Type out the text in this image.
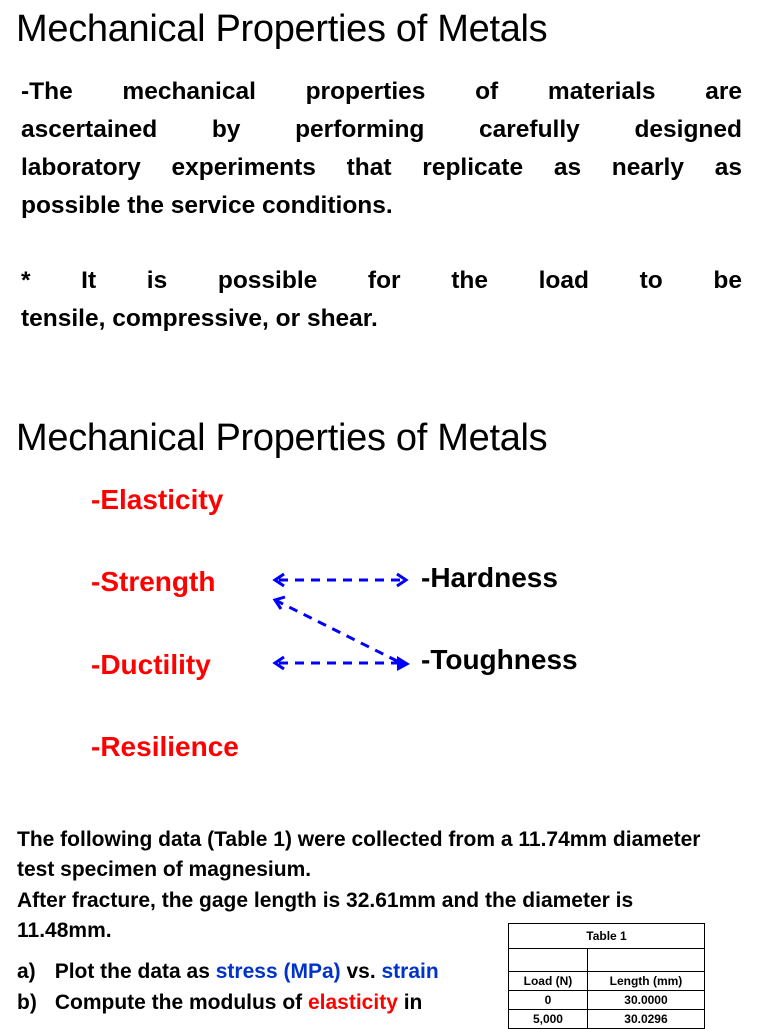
Mechanical Properties of Metals
-The mechanical properties of materials are
ascertained by performing carefully designed
laboratory experiments that replicate as nearly as
possible the service conditions.
* It is possible for the load to be
tensile, compressive, or shear.
Mechanical Properties of Metals
-Elasticity
-Strength
-Ductility
-Resilience
-Hardness
-Toughness
The following data (Table 1) were collected from a 11.74mm diameter
test specimen of magnesium.
After fracture, the gage length is 32.61mm and the diameter is
11.48mm.
a) Plot the data as stress (MPa) vs. strain
b) Compute the modulus of elasticity in
Table 1	

Load (N)	Length (mm)
0	30.0000
5,000	30.0296
